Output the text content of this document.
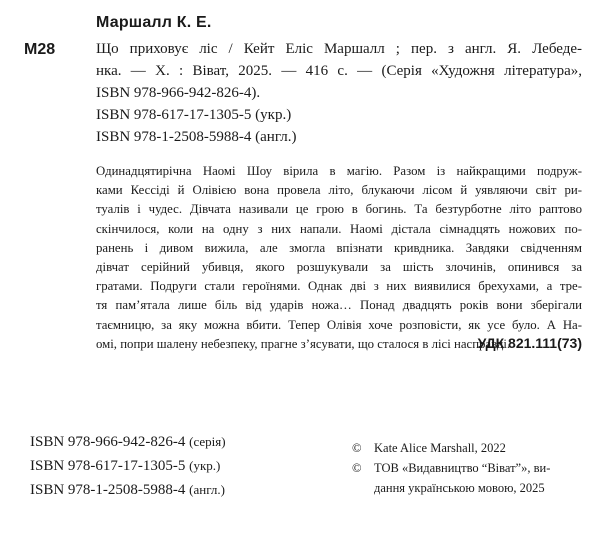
Маршалл К. Е.
М28	Що приховує ліс / Кейт Еліс Маршалл ; пер. з англ. Я. Лебеде-
нка. — Х. : Віват, 2025. — 416 с. — (Серія «Художня література»,
ISBN 978-966-942-826-4).
ISBN 978-617-17-1305-5 (укр.)
ISBN 978-1-2508-5988-4 (англ.)
Одинадцятирічна Наомі Шоу вірила в магію. Разом із найкращими подруж-
ками Кессіді й Олівією вона провела літо, блукаючи лісом й уявляючи світ ри-
туалів і чудес. Дівчата називали це грою в богинь. Та безтурботне літо раптово
скінчилося, коли на одну з них напали. Наомі дістала сімнадцять ножових по-
ранень і дивом вижила, але змогла впізнати кривдника. Завдяки свідченням
дівчат серійний убивця, якого розшукували за шість злочинів, опинився за
гратами. Подруги стали героїнями. Однак дві з них виявилися брехухами, а тре-
тя пам’ятала лише біль від ударів ножа… Понад двадцять років вони зберігали
таємницю, за яку можна вбити. Тепер Олівія хоче розповісти, як усе було. А На-
омі, попри шалену небезпеку, прагне з’ясувати, що сталося в лісі насправді.
УДК 821.111(73)
ISBN 978-966-942-826-4 (серія)
ISBN 978-617-17-1305-5 (укр.)
ISBN 978-1-2508-5988-4 (англ.)
©	Kate Alice Marshall, 2022
©	ТОВ «Видавництво “Віват”», ви-
дання українською мовою, 2025
